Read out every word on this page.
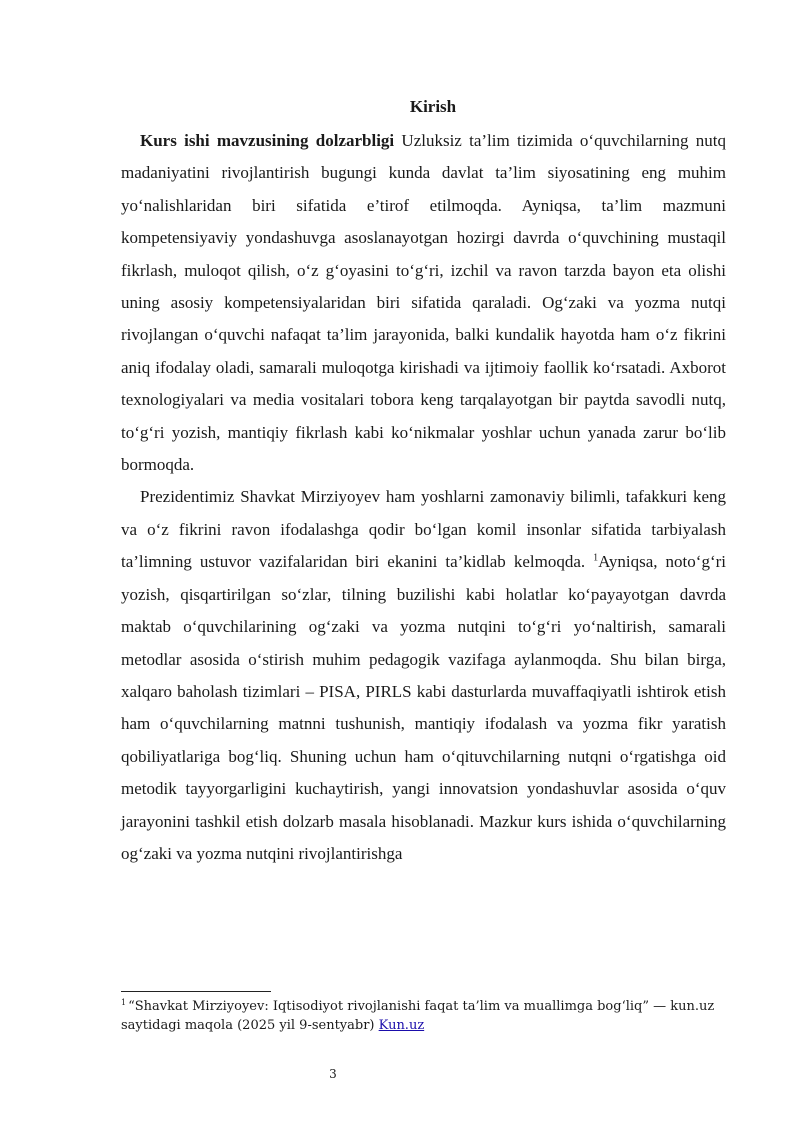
Kirish

Kurs ishi mavzusining dolzarbligi Uzluksiz ta’lim tizimida o‘quvchilarning nutq madaniyatini rivojlantirish bugungi kunda davlat ta’lim siyosatining eng muhim yo‘nalishlaridan biri sifatida e’tirof etilmoqda. Ayniqsa, ta’lim mazmuni kompetensiyaviy yondashuvga asoslanayotgan hozirgi davrda o‘quvchining mustaqil fikrlash, muloqot qilish, o‘z g‘oyasini to‘g‘ri, izchil va ravon tarzda bayon eta olishi uning asosiy kompetensiyalaridan biri sifatida qaraladi. Og‘zaki va yozma nutqi rivojlangan o‘quvchi nafaqat ta’lim jarayonida, balki kundalik hayotda ham o‘z fikrini aniq ifodalay oladi, samarali muloqotga kirishadi va ijtimoiy faollik ko‘rsatadi. Axborot texnologiyalari va media vositalari tobora keng tarqalayotgan bir paytda savodli nutq, to‘g‘ri yozish, mantiqiy fikrlash kabi ko‘nikmalar yoshlar uchun yanada zarur bo‘lib bormoqda.

Prezidentimiz Shavkat Mirziyoyev ham yoshlarni zamonaviy bilimli, tafakkuri keng va o‘z fikrini ravon ifodalashga qodir bo‘lgan komil insonlar sifatida tarbiyalash ta’limning ustuvor vazifalaridan biri ekanini ta’kidlab kelmoqda. $^1$Ayniqsa, noto‘g‘ri yozish, qisqartirilgan so‘zlar, tilning buzilishi kabi holatlar ko‘payayotgan davrda maktab o‘quvchilarining og‘zaki va yozma nutqini to‘g‘ri yo‘naltirish, samarali metodlar asosida o‘stirish muhim pedagogik vazifaga aylanmoqda. Shu bilan birga, xalqaro baholash tizimlari – PISA, PIRLS kabi dasturlarda muvaffaqiyatli ishtirok etish ham o‘quvchilarning matnni tushunish, mantiqiy ifodalash va yozma fikr yaratish qobiliyatlariga bog‘liq. Shuning uchun ham o‘qituvchilarning nutqni o‘rgatishga oid metodik tayyorgarligini kuchaytirish, yangi innovatsion yondashuvlar asosida o‘quv jarayonini tashkil etish dolzarb masala hisoblanadi. Mazkur kurs ishida o‘quvchilarning og‘zaki va yozma nutqini rivojlantirishga

$^1$ “Shavkat Mirziyoyev: Iqtisodiyot rivojlanishi faqat ta’lim va muallimga bog‘liq” — kun.uz saytidagi maqola (2025 yil 9-sentyabr) Kun.uz
3
